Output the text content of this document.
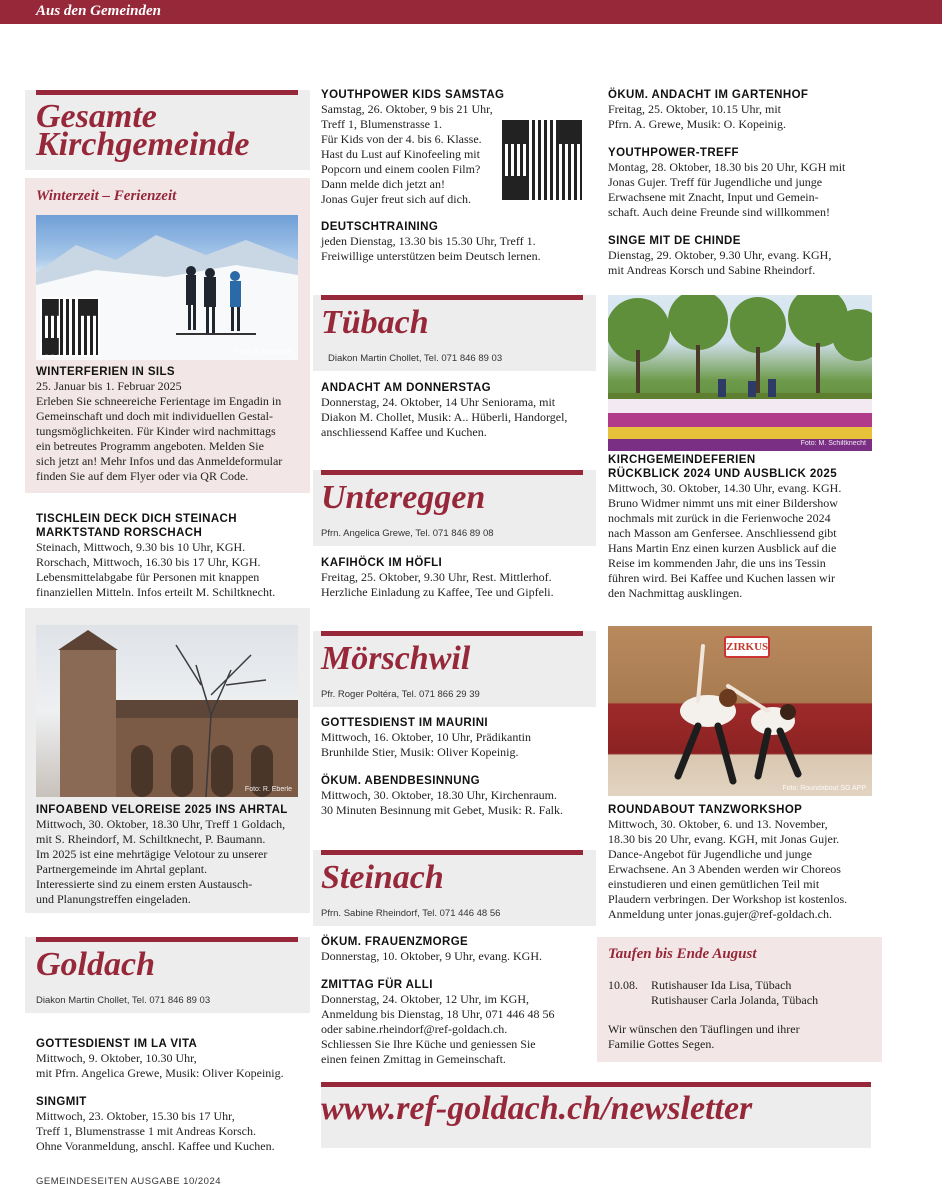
Aus den Gemeinden
Gesamte
Kirchgemeinde
Winterzeit – Ferienzeit
Foto: S. Rheindorf
WINTERFERIEN IN SILS
25. Januar bis 1. Februar 2025
Erleben Sie schneereiche Ferientage im Engadin in
Gemeinschaft und doch mit individuellen Gestal-
tungsmöglichkeiten. Für Kinder wird nachmittags
ein betreutes Programm angeboten. Melden Sie
sich jetzt an! Mehr Infos und das Anmeldeformular
finden Sie auf dem Flyer oder via QR Code.
TISCHLEIN DECK DICH STEINACH
MARKTSTAND RORSCHACH
Steinach, Mittwoch, 9.30 bis 10 Uhr, KGH.
Rorschach, Mittwoch, 16.30 bis 17 Uhr, KGH.
Lebensmittelabgabe für Personen mit knappen
finanziellen Mitteln. Infos erteilt M. Schiltknecht.
Foto: R. Eberle
INFOABEND VELOREISE 2025 INS AHRTAL
Mittwoch, 30. Oktober, 18.30 Uhr, Treff 1 Goldach,
mit S. Rheindorf, M. Schiltknecht, P. Baumann.
Im 2025 ist eine mehrtägige Velotour zu unserer
Partnergemeinde im Ahrtal geplant.
Interessierte sind zu einem ersten Austausch-
und Planungstreffen eingeladen.
Goldach
Diakon Martin Chollet, Tel. 071 846 89 03
GOTTESDIENST IM LA VITA
Mittwoch, 9. Oktober, 10.30 Uhr,
mit Pfrn. Angelica Grewe, Musik: Oliver Kopeinig.
SINGMIT
Mittwoch, 23. Oktober, 15.30 bis 17 Uhr,
Treff 1, Blumenstrasse 1 mit Andreas Korsch.
Ohne Voranmeldung, anschl. Kaffee und Kuchen.
YOUTHPOWER KIDS SAMSTAG
Samstag, 26. Oktober, 9 bis 21 Uhr,
Treff 1, Blumenstrasse 1.
Für Kids von der 4. bis 6. Klasse.
Hast du Lust auf Kinofeeling mit
Popcorn und einem coolen Film?
Dann melde dich jetzt an!
Jonas Gujer freut sich auf dich.
DEUTSCHTRAINING
jeden Dienstag, 13.30 bis 15.30 Uhr, Treff 1.
Freiwillige unterstützen beim Deutsch lernen.
Tübach
Diakon Martin Chollet, Tel. 071 846 89 03
ANDACHT AM DONNERSTAG
Donnerstag, 24. Oktober, 14 Uhr Seniorama, mit
Diakon M. Chollet, Musik: A.. Hüberli, Handorgel,
anschliessend Kaffee und Kuchen.
Untereggen
Pfrn. Angelica Grewe, Tel. 071 846 89 08
KAFIHÖCK IM HÖFLI
Freitag, 25. Oktober, 9.30 Uhr, Rest. Mittlerhof.
Herzliche Einladung zu Kaffee, Tee und Gipfeli.
Mörschwil
Pfr. Roger Poltéra, Tel. 071 866 29 39
GOTTESDIENST IM MAURINI
Mittwoch, 16. Oktober, 10 Uhr, Prädikantin
Brunhilde Stier, Musik: Oliver Kopeinig.
ÖKUM. ABENDBESINNUNG
Mittwoch, 30. Oktober, 18.30 Uhr, Kirchenraum.
30 Minuten Besinnung mit Gebet, Musik: R. Falk.
Steinach
Pfrn. Sabine Rheindorf, Tel. 071 446 48 56
ÖKUM. FRAUENZMORGE
Donnerstag, 10. Oktober, 9 Uhr, evang. KGH.
ZMITTAG FÜR ALLI
Donnerstag, 24. Oktober, 12 Uhr, im KGH,
Anmeldung bis Dienstag, 18 Uhr, 071 446 48 56
oder sabine.rheindorf@ref-goldach.ch.
Schliessen Sie Ihre Küche und geniessen Sie
einen feinen Zmittag in Gemeinschaft.
ÖKUM. ANDACHT IM GARTENHOF
Freitag, 25. Oktober, 10.15 Uhr, mit
Pfrn. A. Grewe, Musik: O. Kopeinig.
YOUTHPOWER-TREFF
Montag, 28. Oktober, 18.30 bis 20 Uhr, KGH mit
Jonas Gujer. Treff für Jugendliche und junge
Erwachsene mit Znacht, Input und Gemein-
schaft. Auch deine Freunde sind willkommen!
SINGE MIT DE CHINDE
Dienstag, 29. Oktober, 9.30 Uhr, evang. KGH,
mit Andreas Korsch und Sabine Rheindorf.
Foto: M. Schiltknecht
KIRCHGEMEINDEFERIEN
RÜCKBLICK 2024 UND AUSBLICK 2025
Mittwoch, 30. Oktober, 14.30 Uhr, evang. KGH.
Bruno Widmer nimmt uns mit einer Bildershow
nochmals mit zurück in die Ferienwoche 2024
nach Masson am Genfersee. Anschliessend gibt
Hans Martin Enz einen kurzen Ausblick auf die
Reise im kommenden Jahr, die uns ins Tessin
führen wird. Bei Kaffee und Kuchen lassen wir
den Nachmittag ausklingen.
ZIRKUS
Foto: Roundabout SG APP
ROUNDABOUT TANZWORKSHOP
Mittwoch, 30. Oktober, 6. und 13. November,
18.30 bis 20 Uhr, evang. KGH, mit Jonas Gujer.
Dance-Angebot für Jugendliche und junge
Erwachsene. An 3 Abenden werden wir Choreos
einstudieren und einen gemütlichen Teil mit
Plaudern verbringen. Der Workshop ist kostenlos.
Anmeldung unter jonas.gujer@ref-goldach.ch.
Taufen bis Ende August
10.08. Rutishauser Ida Lisa, Tübach
Rutishauser Carla Jolanda, Tübach
Wir wünschen den Täuflingen und ihrer
Familie Gottes Segen.
www.ref-goldach.ch/newsletter
GEMEINDESEITEN AUSGABE 10/2024
